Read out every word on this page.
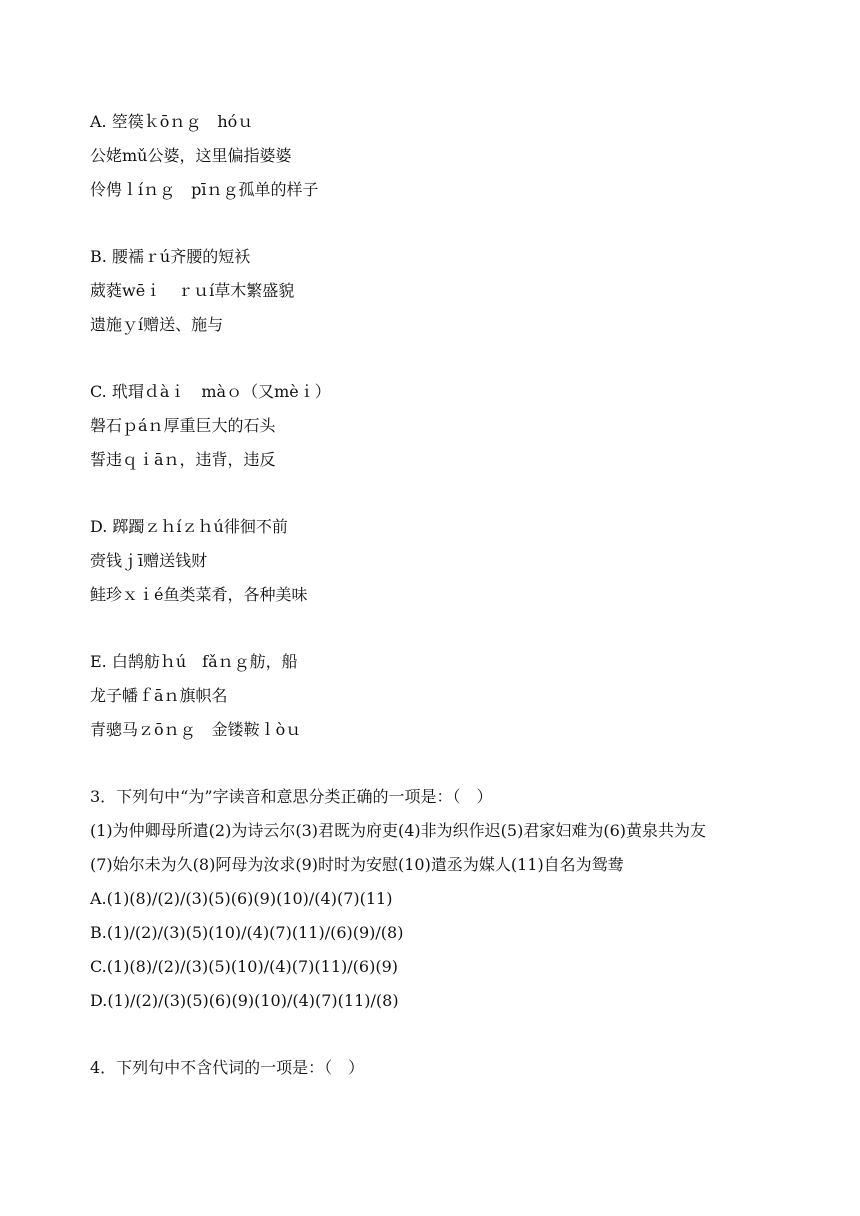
A. 箜篌ｋōｎｇ　hóｕ
公姥mǔ公婆，这里偏指婆婆
伶俜ｌíｎｇ　pīｎｇ孤单的样子
B. 腰襦ｒú齐腰的短袄
葳蕤wēｉ　ｒｕí草木繁盛貌
遗施ｙí赠送、施与
C. 玳瑁ｄàｉ　màｏ（又mèｉ）
磐石ｐáｎ厚重巨大的石头
誓违ｑｉāｎ，违背，违反
D. 踯躅ｚｈíｚｈú徘徊不前
赍钱ｊī赠送钱财
鲑珍ｘｉé鱼类菜肴，各种美味
E. 白鹄舫ｈú　fǎｎｇ舫，船
龙子幡ｆāｎ旗帜名
青骢马ｚōｎｇ　金镂鞍ｌòｕ
3．下列句中“为”字读音和意思分类正确的一项是：（　）
(1)为仲卿母所遣(2)为诗云尔(3)君既为府吏(4)非为织作迟(5)君家妇难为(6)黄泉共为友
(7)始尔未为久(8)阿母为汝求(9)时时为安慰(10)遣丞为媒人(11)自名为鸳鸯
A.(1)(8)/(2)/(3)(5)(6)(9)(10)/(4)(7)(11)
B.(1)/(2)/(3)(5)(10)/(4)(7)(11)/(6)(9)/(8)
C.(1)(8)/(2)/(3)(5)(10)/(4)(7)(11)/(6)(9)
D.(1)/(2)/(3)(5)(6)(9)(10)/(4)(7)(11)/(8)
4．下列句中不含代词的一项是：（　）
